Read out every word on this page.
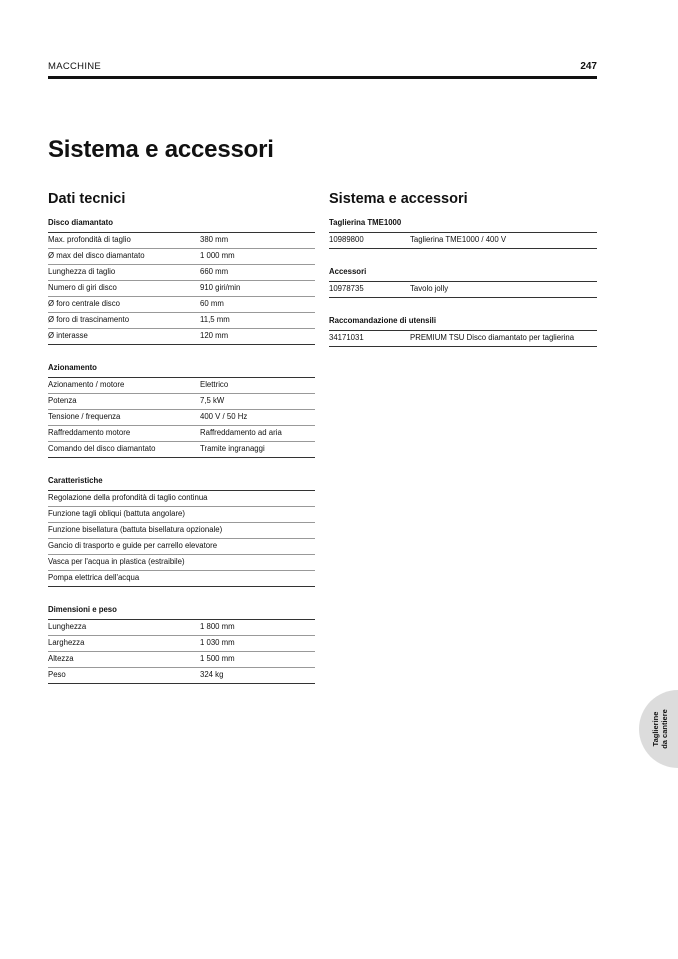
MACCHINE	247
Sistema e accessori
Dati tecnici
Disco diamantato
Max. profondità di taglio	380 mm
Ø max del disco diamantato	1 000 mm
Lunghezza di taglio	660 mm
Numero di giri disco	910 giri/min
Ø foro centrale disco	60 mm
Ø foro di trascinamento	11,5 mm
Ø interasse	120 mm
Azionamento
Azionamento / motore	Elettrico
Potenza	7,5 kW
Tensione / frequenza	400 V / 50 Hz
Raffreddamento motore	Raffreddamento ad aria
Comando del disco diamantato	Tramite ingranaggi
Caratteristiche
Regolazione della profondità di taglio continua
Funzione tagli obliqui (battuta angolare)
Funzione bisellatura (battuta bisellatura opzionale)
Gancio di trasporto e guide per carrello elevatore
Vasca per l'acqua in plastica (estraibile)
Pompa elettrica dell'acqua
Dimensioni e peso
Lunghezza	1 800 mm
Larghezza	1 030 mm
Altezza	1 500 mm
Peso	324 kg
Sistema e accessori
Taglierina TME1000
10989800	Taglierina TME1000 / 400 V
Accessori
10978735	Tavolo jolly
Raccomandazione di utensili
34171031	PREMIUM TSU Disco diamantato per taglierina
Taglierine da cantiere
